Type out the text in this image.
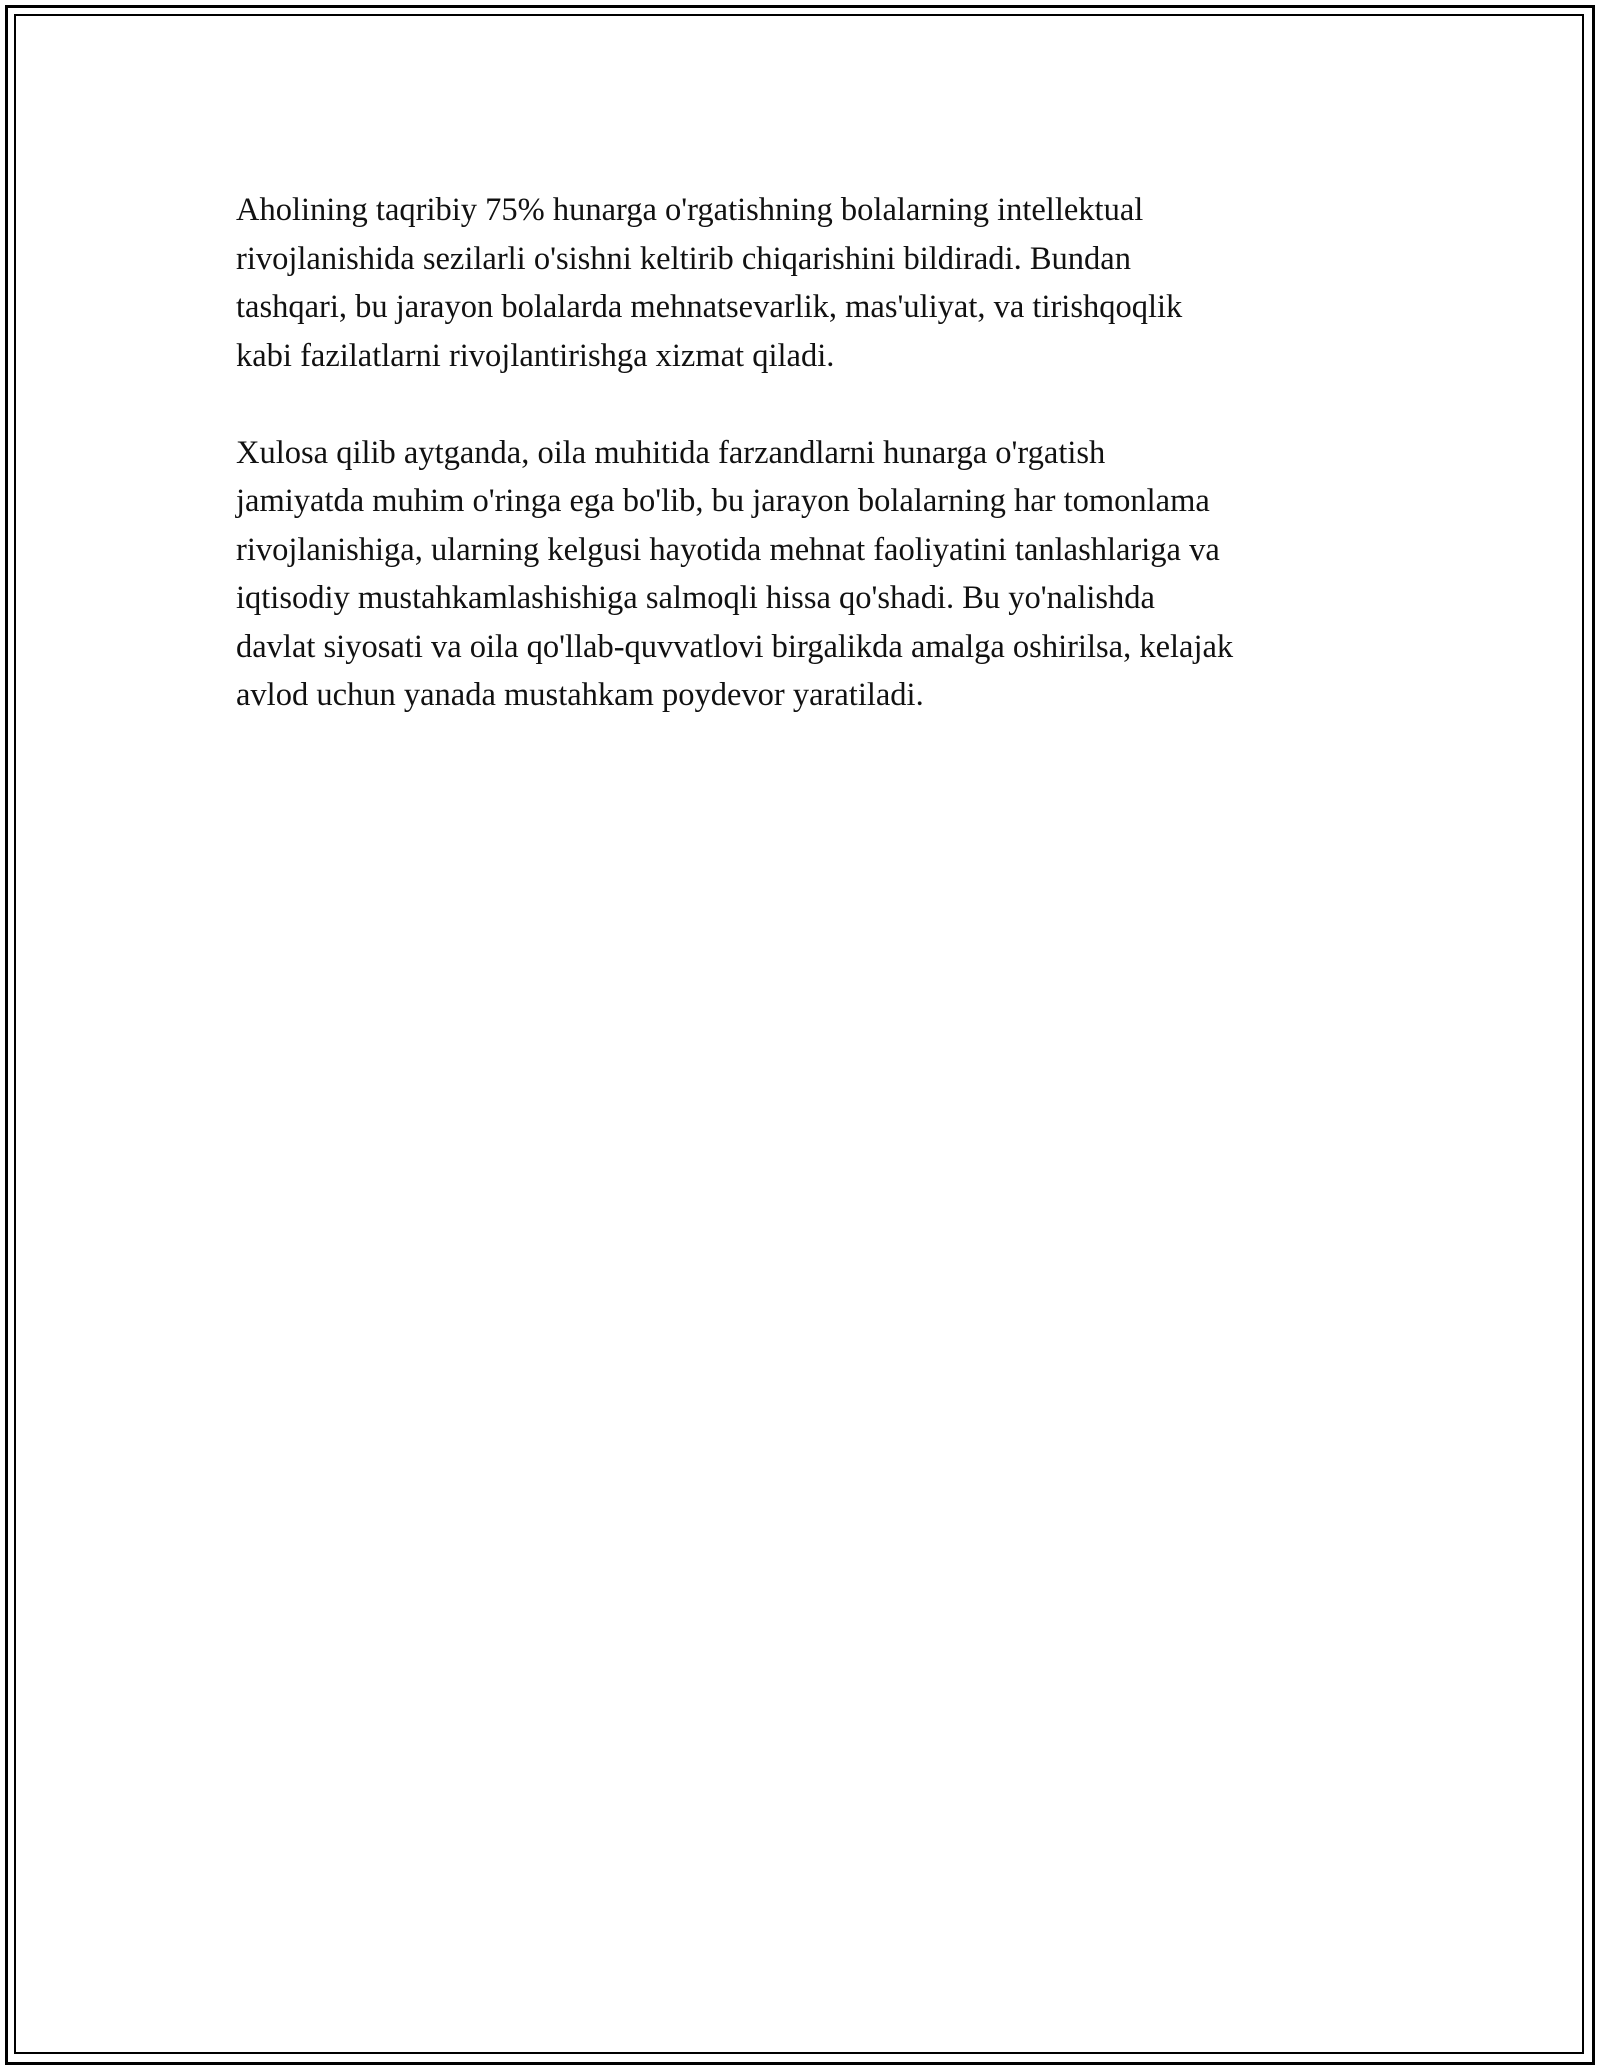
Aholining taqribiy 75% hunarga o'rgatishning bolalarning intellektual
rivojlanishida sezilarli o'sishni keltirib chiqarishini bildiradi. Bundan
tashqari, bu jarayon bolalarda mehnatsevarlik, mas'uliyat, va tirishqoqlik
kabi fazilatlarni rivojlantirishga xizmat qiladi.

Xulosa qilib aytganda, oila muhitida farzandlarni hunarga o'rgatish
jamiyatda muhim o'ringa ega bo'lib, bu jarayon bolalarning har tomonlama
rivojlanishiga, ularning kelgusi hayotida mehnat faoliyatini tanlashlariga va
iqtisodiy mustahkamlashishiga salmoqli hissa qo'shadi. Bu yo'nalishda
davlat siyosati va oila qo'llab-quvvatlovi birgalikda amalga oshirilsa, kelajak
avlod uchun yanada mustahkam poydevor yaratiladi.
